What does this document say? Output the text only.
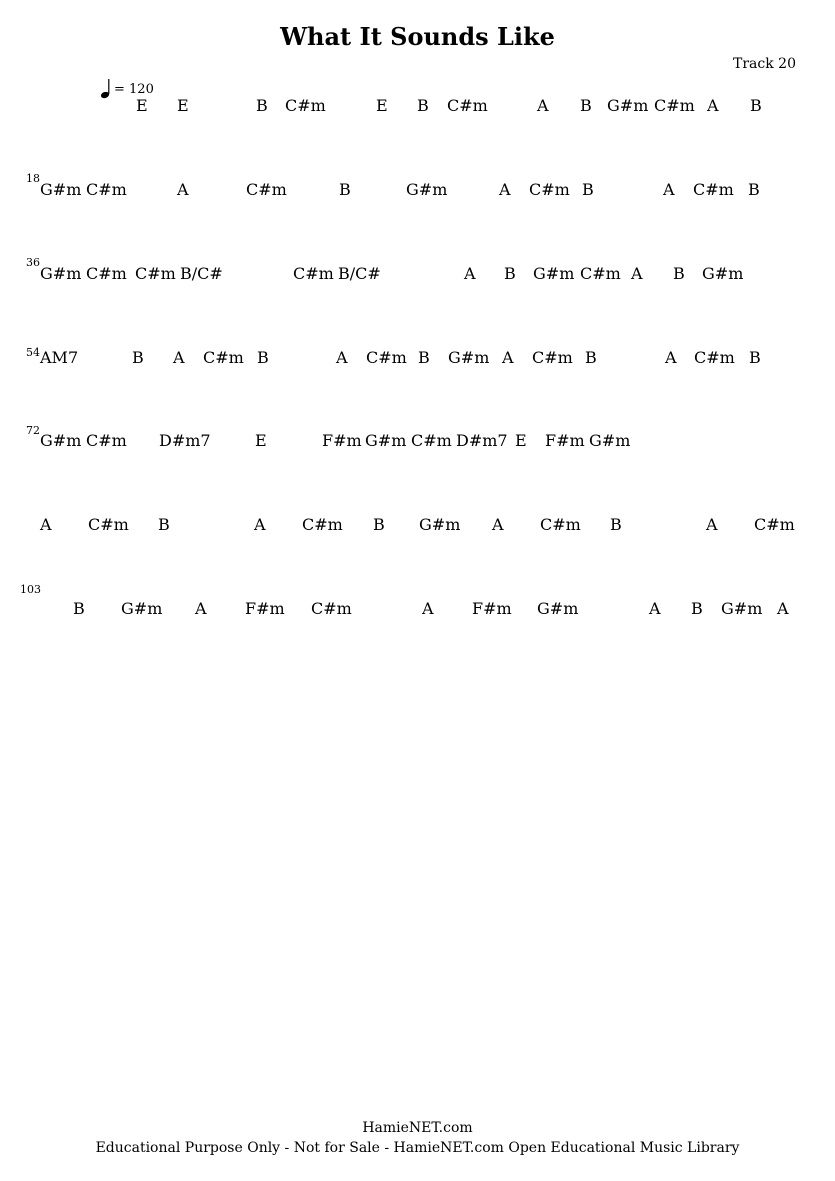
What It Sounds Like
Track 20
= 120
E E	B C#m	E B C#m	A B G#m C#m A B
18
G#m C#m	A	C#m	B	G#m	A C#m B	A C#m B
36
G#m C#m C#m B/C#	C#m B/C#	A B G#m C#m A B G#m
54 AM7	B A C#m B	A C#m B G#m A C#m B	A C#m B
72
G#m C#m D#m7	E	F#m G#m C#m D#m7 E F#m G#m
A C#m B	A C#m B G#m A C#m B	A C#m
103
B G#m A F#m C#m	A F#m G#m	A B G#m A
HamieNET.com
Educational Purpose Only - Not for Sale - HamieNET.com Open Educational Music Library
